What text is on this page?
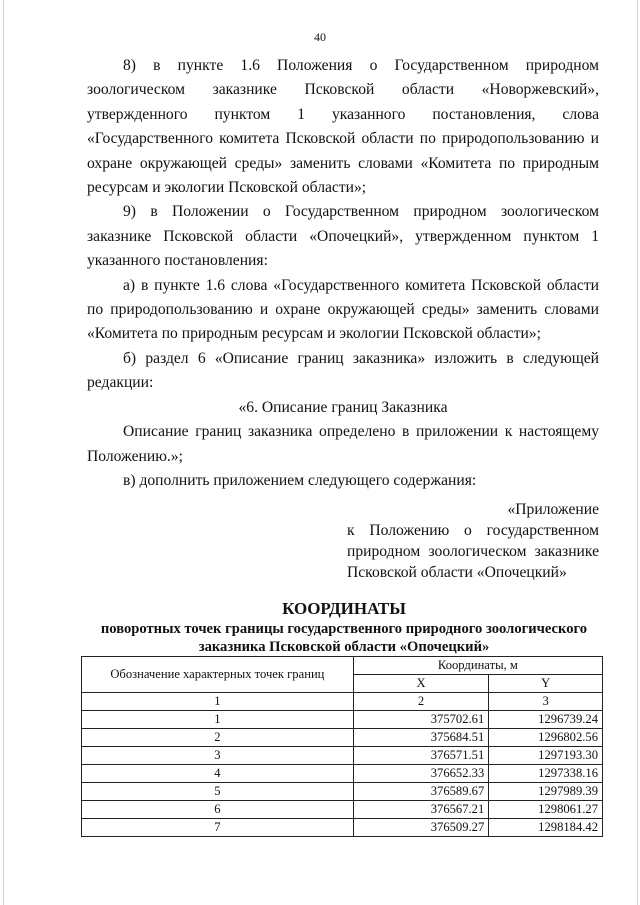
40

8) в пункте 1.6 Положения о Государственном природном зоологическом заказнике Псковской области «Новоржевский», утвержденного пунктом 1 указанного постановления, слова «Государственного комитета Псковской области по природопользованию и охране окружающей среды» заменить словами «Комитета по природным ресурсам и экологии Псковской области»;

9) в Положении о Государственном природном зоологическом заказнике Псковской области «Опочецкий», утвержденном пунктом 1 указанного постановления:

а) в пункте 1.6 слова «Государственного комитета Псковской области по природопользованию и охране окружающей среды» заменить словами «Комитета по природным ресурсам и экологии Псковской области»;

б) раздел 6 «Описание границ заказника» изложить в следующей редакции:

«6. Описание границ Заказника

Описание границ заказника определено в приложении к настоящему Положению.»;

в) дополнить приложением следующего содержания:

«Приложение

к Положению о государственном природном зоологическом заказнике Псковской области «Опочецкий»

КООРДИНАТЫ
поворотных точек границы государственного природного зоологического
заказника Псковской области «Опочецкий»
Обозначение характерных точек границ	Координаты, м	
	X	Y
1	2	3
1	375702.61	1296739.24
2	375684.51	1296802.56
3	376571.51	1297193.30
4	376652.33	1297338.16
5	376589.67	1297989.39
6	376567.21	1298061.27
7	376509.27	1298184.42
